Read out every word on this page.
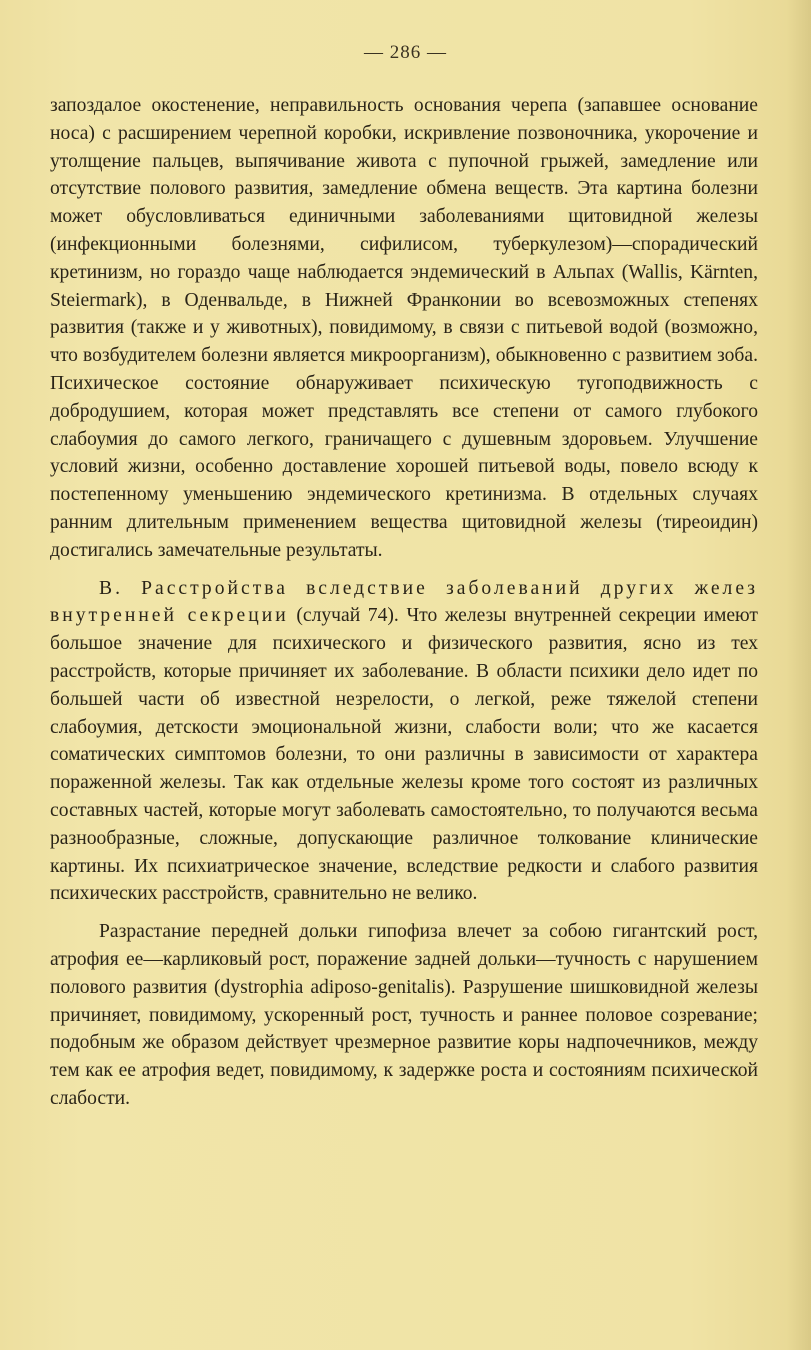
— 286 —

запоздалое окостенение, неправильность основания черепа (запавшее основание носа) с расширением черепной коробки, искривление позвоночника, укорочение и утолщение пальцев, выпячивание живота с пупочной грыжей, замедление или отсутствие полового развития, замедление обмена веществ. Эта картина болезни может обусловливаться единичными заболеваниями щитовидной железы (инфекционными болезнями, сифилисом, туберкулезом)—спорадический кретинизм, но гораздо чаще наблюдается эндемический в Альпах (Wallis, Kärnten, Steiermark), в Оденвальде, в Нижней Франконии во всевозможных степенях развития (также и у животных), повидимому, в связи с питьевой водой (возможно, что возбудителем болезни является микроорганизм), обыкновенно с развитием зоба. Психическое состояние обнаруживает психическую тугоподвижность с добродушием, которая может представлять все степени от самого глубокого слабоумия до самого легкого, граничащего с душевным здоровьем. Улучшение условий жизни, особенно доставление хорошей питьевой воды, повело всюду к постепенному уменьшению эндемического кретинизма. В отдельных случаях ранним длительным применением вещества щитовидной железы (тиреоидин) достигались замечательные результаты.

В. Расстройства вследствие заболеваний других желез внутренней секреции (случай 74). Что железы внутренней секреции имеют большое значение для психического и физического развития, ясно из тех расстройств, которые причиняет их заболевание. В области психики дело идет по большей части об известной незрелости, о легкой, реже тяжелой степени слабоумия, детскости эмоциональной жизни, слабости воли; что же касается соматических симптомов болезни, то они различны в зависимости от характера пораженной железы. Так как отдельные железы кроме того состоят из различных составных частей, которые могут заболевать самостоятельно, то получаются весьма разнообразные, сложные, допускающие различное толкование клинические картины. Их психиатрическое значение, вследствие редкости и слабого развития психических расстройств, сравнительно не велико.

Разрастание передней дольки гипофиза влечет за собою гигантский рост, атрофия ее—карликовый рост, поражение задней дольки—тучность с нарушением полового развития (dystrophia adiposo-genitalis). Разрушение шишковидной железы причиняет, повидимому, ускоренный рост, тучность и раннее половое созревание; подобным же образом действует чрезмерное развитие коры надпочечников, между тем как ее атрофия ведет, повидимому, к задержке роста и состояниям психической слабости.
